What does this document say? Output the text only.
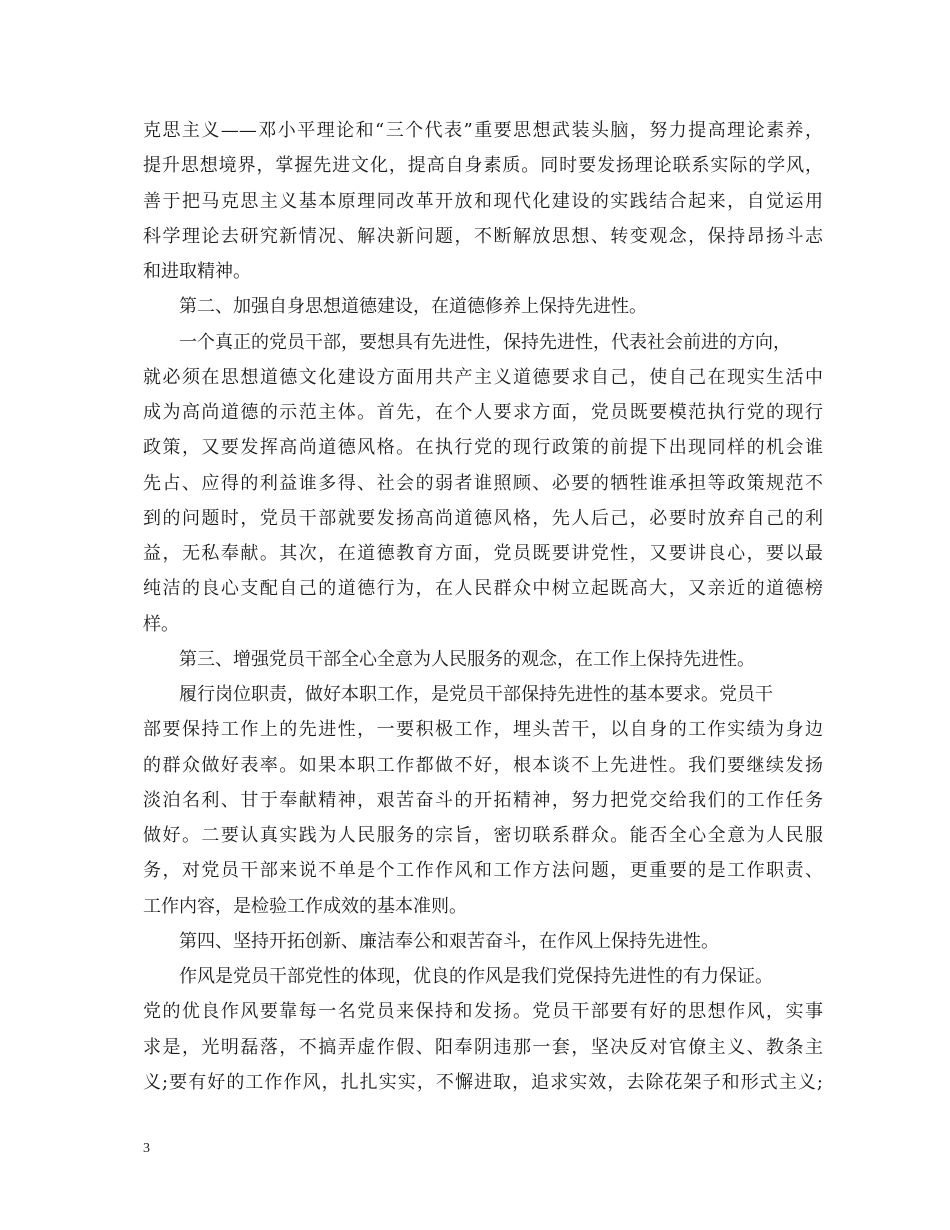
克思主义——邓小平理论和“三个代表”重要思想武装头脑，努力提高理论素养，
提升思想境界，掌握先进文化，提高自身素质。同时要发扬理论联系实际的学风，
善于把马克思主义基本原理同改革开放和现代化建设的实践结合起来，自觉运用
科学理论去研究新情况、解决新问题，不断解放思想、转变观念，保持昂扬斗志
和进取精神。
第二、加强自身思想道德建设，在道德修养上保持先进性。
一个真正的党员干部，要想具有先进性，保持先进性，代表社会前进的方向，
就必须在思想道德文化建设方面用共产主义道德要求自己，使自己在现实生活中
成为高尚道德的示范主体。首先，在个人要求方面，党员既要模范执行党的现行
政策，又要发挥高尚道德风格。在执行党的现行政策的前提下出现同样的机会谁
先占、应得的利益谁多得、社会的弱者谁照顾、必要的牺牲谁承担等政策规范不
到的问题时，党员干部就要发扬高尚道德风格，先人后己，必要时放弃自己的利
益，无私奉献。其次，在道德教育方面，党员既要讲党性，又要讲良心，要以最
纯洁的良心支配自己的道德行为，在人民群众中树立起既高大，又亲近的道德榜
样。
第三、增强党员干部全心全意为人民服务的观念，在工作上保持先进性。
履行岗位职责，做好本职工作，是党员干部保持先进性的基本要求。党员干
部要保持工作上的先进性，一要积极工作，埋头苦干，以自身的工作实绩为身边
的群众做好表率。如果本职工作都做不好，根本谈不上先进性。我们要继续发扬
淡泊名利、甘于奉献精神，艰苦奋斗的开拓精神，努力把党交给我们的工作任务
做好。二要认真实践为人民服务的宗旨，密切联系群众。能否全心全意为人民服
务，对党员干部来说不单是个工作作风和工作方法问题，更重要的是工作职责、
工作内容，是检验工作成效的基本准则。
第四、坚持开拓创新、廉洁奉公和艰苦奋斗，在作风上保持先进性。
作风是党员干部党性的体现，优良的作风是我们党保持先进性的有力保证。
党的优良作风要靠每一名党员来保持和发扬。党员干部要有好的思想作风，实事
求是，光明磊落，不搞弄虚作假、阳奉阴违那一套，坚决反对官僚主义、教条主
义;要有好的工作作风，扎扎实实，不懈进取，追求实效，去除花架子和形式主义;
3
